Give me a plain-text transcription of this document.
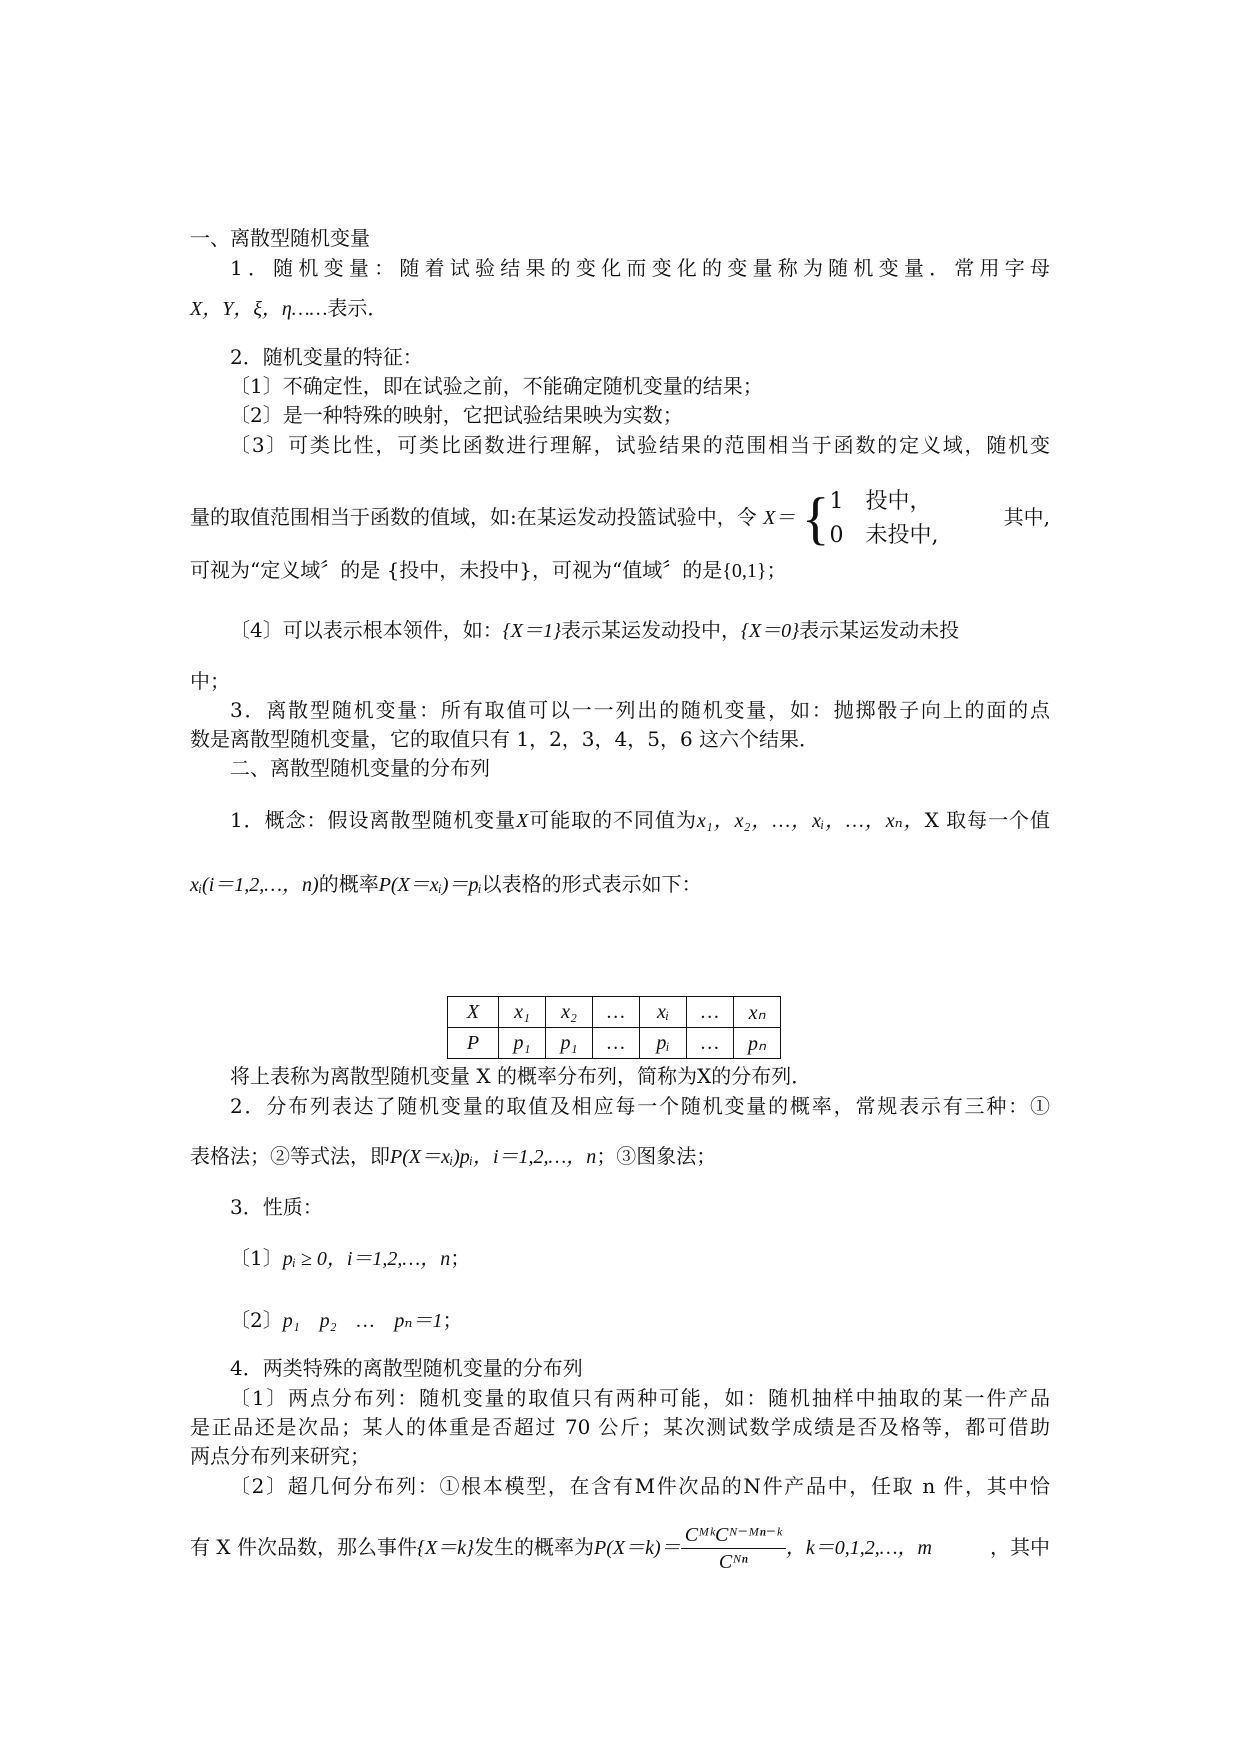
一、离散型随机变量
1．随机变量：随着试验结果的变化而变化的变量称为随机变量．常用字母
X，Y，ξ，η……表示．
2．随机变量的特征：
〔1〕不确定性，即在试验之前，不能确定随机变量的结果；
〔2〕是一种特殊的映射，它把试验结果映为实数；
〔3〕可类比性，可类比函数进行理解，试验结果的范围相当于函数的定义域，随机变
量的取值范围相当于函数的值域，如:在某运发动投篮试验中，令 X＝ { 1　投中，
0　未投中,
其中,
可视为“定义域〞的是 {投中，未投中}，可视为“值域〞的是{0,1}；
〔4〕可以表示根本领件，如：{X＝1}表示某运发动投中，{X＝0}表示某运发动未投
中；
3．离散型随机变量：所有取值可以一一列出的随机变量，如：抛掷骰子向上的面的点
数是离散型随机变量，它的取值只有 1，2，3，4，5，6 这六个结果．
二、离散型随机变量的分布列
1．概念：假设离散型随机变量X可能取的不同值为x₁，x₂，…，xᵢ，…，xₙ，X 取每一个值
xᵢ(i＝1,2,…，n)的概率P(X＝xᵢ)＝pᵢ以表格的形式表示如下：
X	x₁	x₂	…	xᵢ	…	xₙ
P	p₁	p₁	…	pᵢ	…	pₙ
将上表称为离散型随机变量 X 的概率分布列，简称为X的分布列．
2．分布列表达了随机变量的取值及相应每一个随机变量的概率，常规表示有三种：①
表格法；②等式法，即P(X＝xᵢ)pᵢ，i＝1,2,…，n；③图象法；
3．性质：
〔1〕pᵢ ≥ 0，i＝1,2,…，n；
〔2〕p₁　p₂　…　pₙ＝1；
4．两类特殊的离散型随机变量的分布列
〔1〕两点分布列：随机变量的取值只有两种可能，如：随机抽样中抽取的某一件产品
是正品还是次品；某人的体重是否超过 70 公斤；某次测试数学成绩是否及格等，都可借助
两点分布列来研究；
〔2〕超几何分布列：①根本模型，在含有M件次品的N件产品中，任取 n 件，其中恰
有 X 件次品数，那么事件{X＝k}发生的概率为$P(X=k)= \frac{\text{CᴹᵏCᴺ⁻ᴹⁿ⁻ᵏ}}{\text{Cᴺⁿ}}$ ，k＝0,1,2,…，m	，其中
